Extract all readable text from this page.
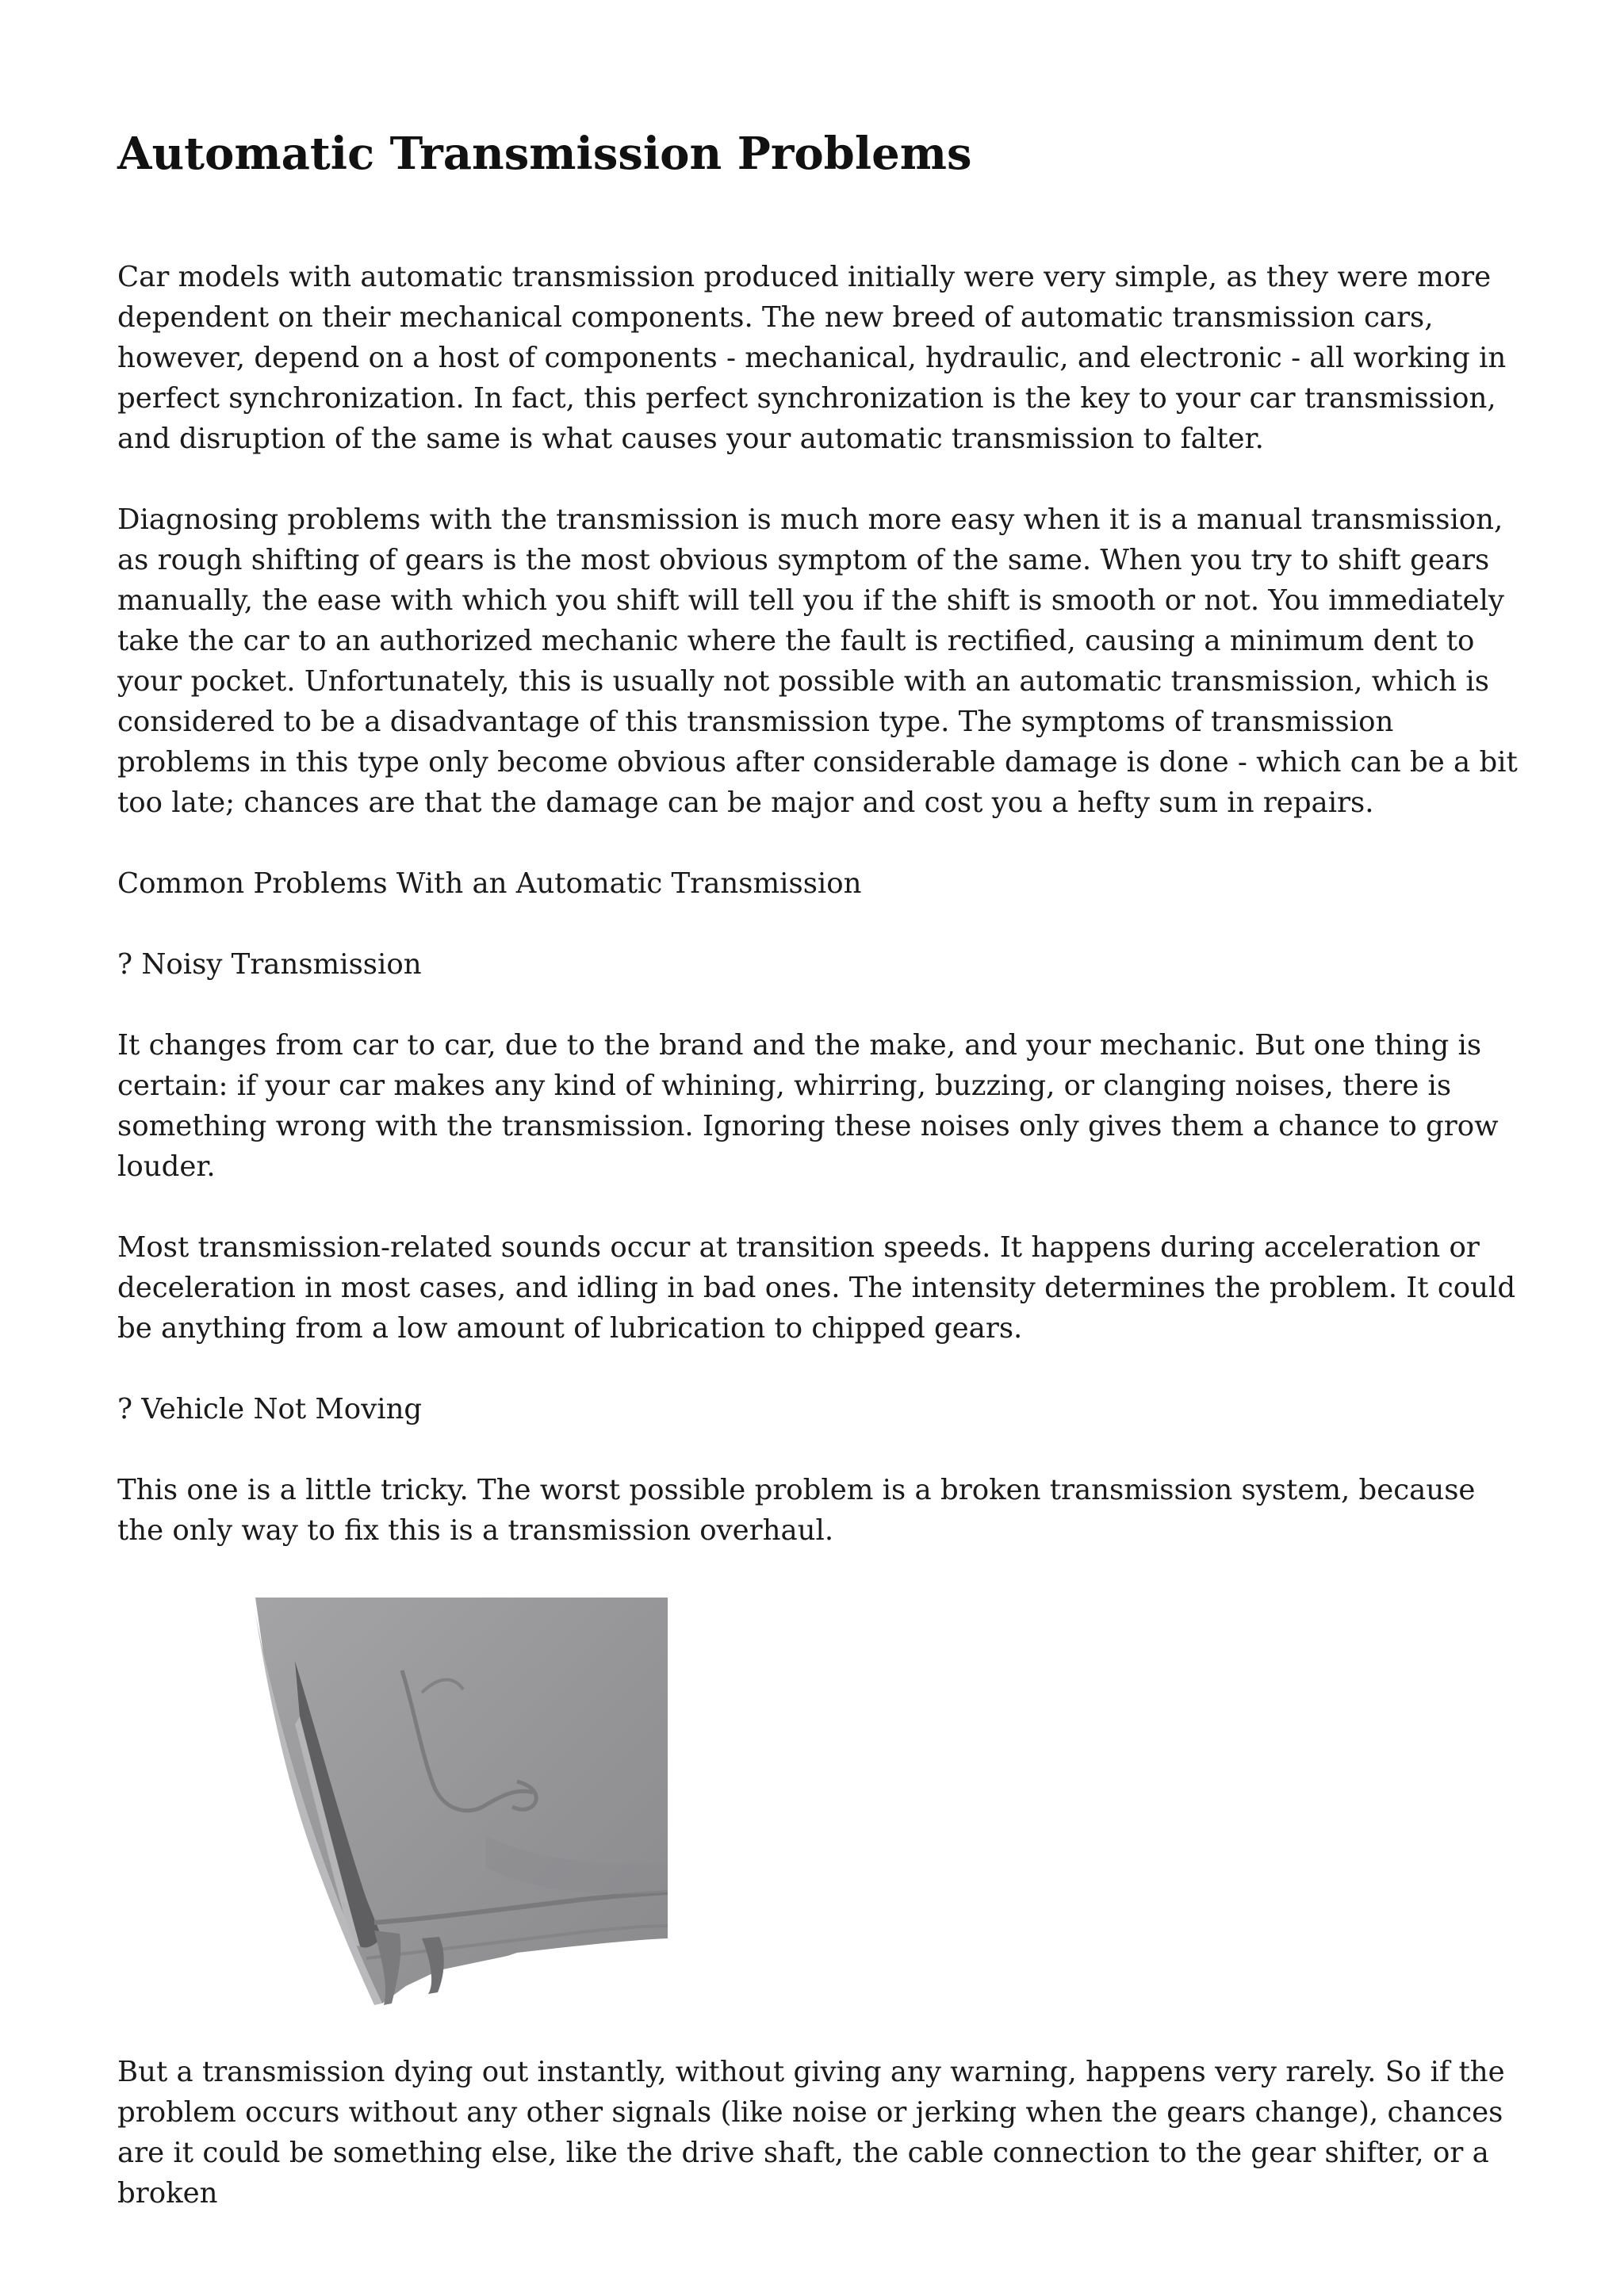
Automatic Transmission Problems

Car models with automatic transmission produced initially were very simple, as they were more dependent on their mechanical components. The new breed of automatic transmission cars, however, depend on a host of components - mechanical, hydraulic, and electronic - all working in perfect synchronization. In fact, this perfect synchronization is the key to your car transmission, and disruption of the same is what causes your automatic transmission to falter.

Diagnosing problems with the transmission is much more easy when it is a manual transmission, as rough shifting of gears is the most obvious symptom of the same. When you try to shift gears manually, the ease with which you shift will tell you if the shift is smooth or not. You immediately take the car to an authorized mechanic where the fault is rectified, causing a minimum dent to your pocket. Unfortunately, this is usually not possible with an automatic transmission, which is considered to be a disadvantage of this transmission type. The symptoms of transmission problems in this type only become obvious after considerable damage is done - which can be a bit too late; chances are that the damage can be major and cost you a hefty sum in repairs.

Common Problems With an Automatic Transmission

? Noisy Transmission

It changes from car to car, due to the brand and the make, and your mechanic. But one thing is certain: if your car makes any kind of whining, whirring, buzzing, or clanging noises, there is something wrong with the transmission. Ignoring these noises only gives them a chance to grow louder.

Most transmission-related sounds occur at transition speeds. It happens during acceleration or deceleration in most cases, and idling in bad ones. The intensity determines the problem. It could be anything from a low amount of lubrication to chipped gears.

? Vehicle Not Moving

This one is a little tricky. The worst possible problem is a broken transmission system, because the only way to fix this is a transmission overhaul.

But a transmission dying out instantly, without giving any warning, happens very rarely. So if the problem occurs without any other signals (like noise or jerking when the gears change), chances are it could be something else, like the drive shaft, the cable connection to the gear shifter, or a broken
